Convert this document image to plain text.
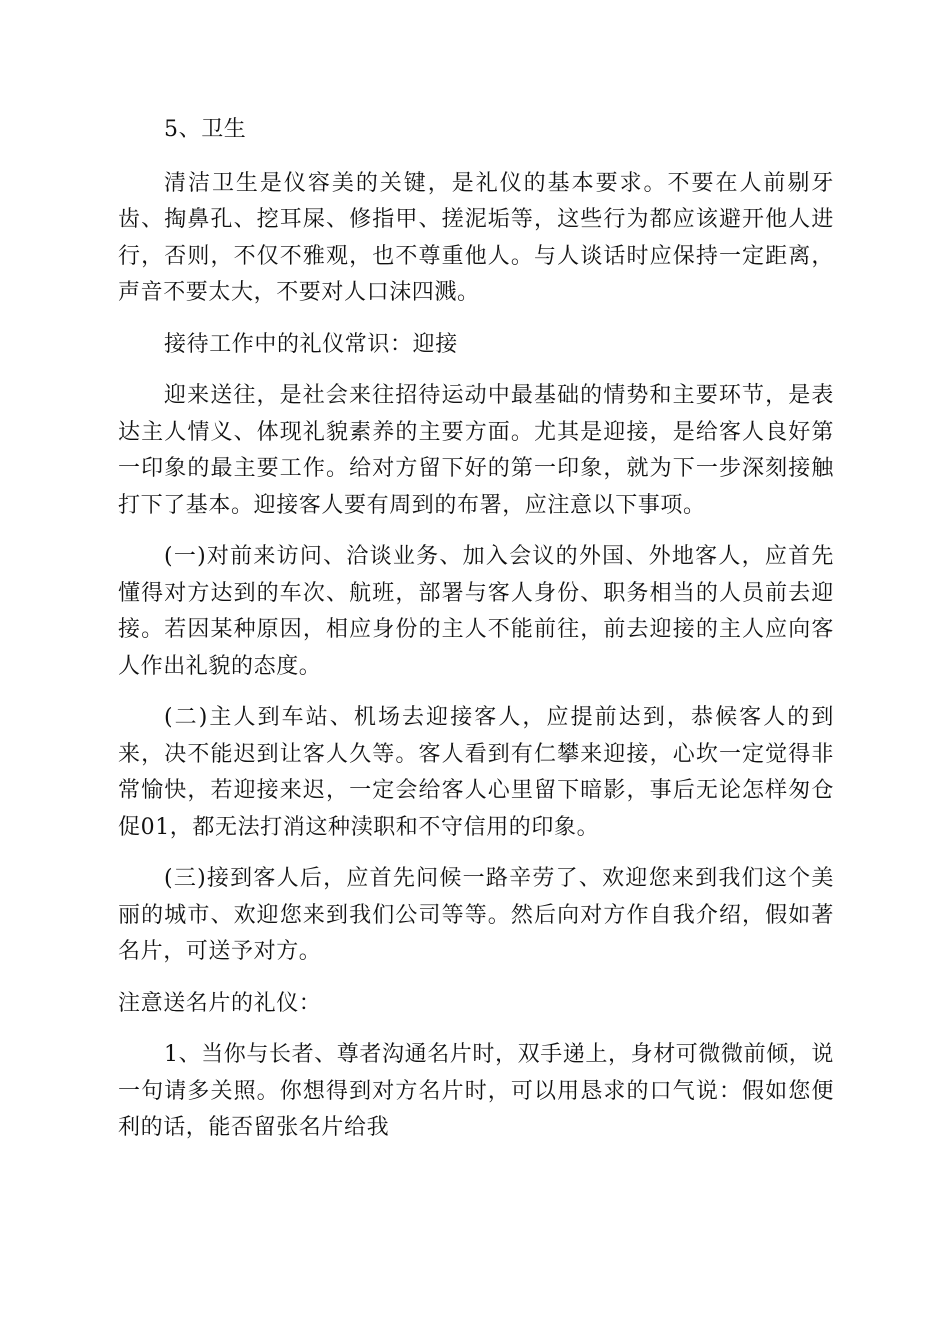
5、卫生

清洁卫生是仪容美的关键，是礼仪的基本要求。不要在人前剔牙齿、掏鼻孔、挖耳屎、修指甲、搓泥垢等，这些行为都应该避开他人进行，否则，不仅不雅观，也不尊重他人。与人谈话时应保持一定距离，声音不要太大，不要对人口沫四溅。

接待工作中的礼仪常识：迎接

迎来送往，是社会来往招待运动中最基础的情势和主要环节，是表达主人情义、体现礼貌素养的主要方面。尤其是迎接，是给客人良好第一印象的最主要工作。给对方留下好的第一印象，就为下一步深刻接触打下了基本。迎接客人要有周到的布署，应注意以下事项。

(一)对前来访问、洽谈业务、加入会议的外国、外地客人，应首先懂得对方达到的车次、航班，部署与客人身份、职务相当的人员前去迎接。若因某种原因，相应身份的主人不能前往，前去迎接的主人应向客人作出礼貌的态度。

(二)主人到车站、机场去迎接客人，应提前达到，恭候客人的到来，决不能迟到让客人久等。客人看到有仁攀来迎接，心坎一定觉得非常愉快，若迎接来迟，一定会给客人心里留下暗影，事后无论怎样匆仓促01，都无法打消这种渎职和不守信用的印象。

(三)接到客人后，应首先问候一路辛劳了、欢迎您来到我们这个美丽的城市、欢迎您来到我们公司等等。然后向对方作自我介绍，假如著名片，可送予对方。

注意送名片的礼仪：

1、当你与长者、尊者沟通名片时，双手递上，身材可微微前倾，说一句请多关照。你想得到对方名片时，可以用恳求的口气说：假如您便利的话，能否留张名片给我
